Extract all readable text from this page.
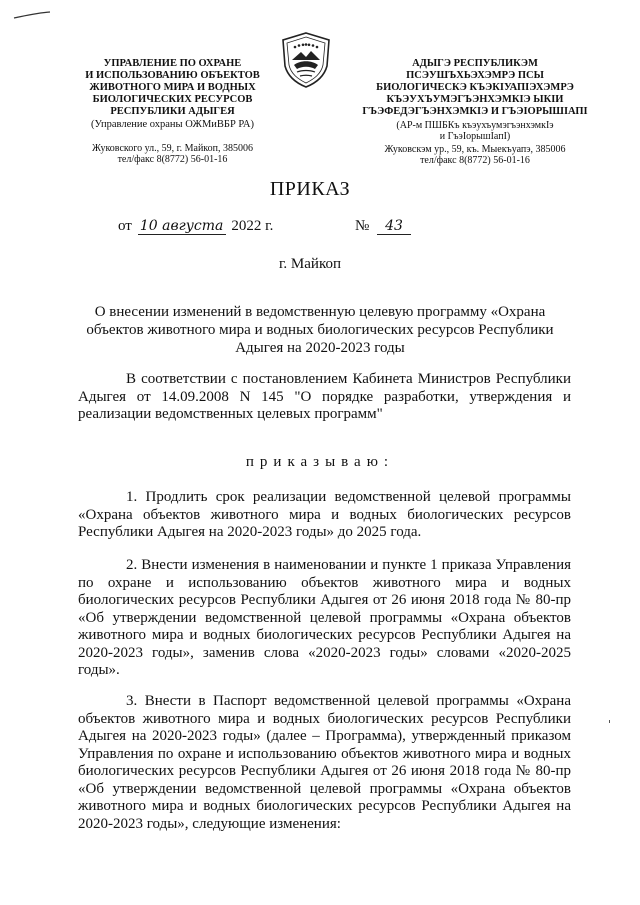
УПРАВЛЕНИЕ ПО ОХРАНЕ
И ИСПОЛЬЗОВАНИЮ ОБЪЕКТОВ
ЖИВОТНОГО МИРА И ВОДНЫХ
БИОЛОГИЧЕСКИХ РЕСУРСОВ
РЕСПУБЛИКИ АДЫГЕЯ
(Управление охраны ОЖМиВБР РА)
Жуковского ул., 59, г. Майкоп, 385006
тел/факс 8(8772) 56-01-16
АДЫГЭ РЕСПУБЛИКЭМ
ПСЭУШЪХЬЭХЭМРЭ ПСЫ
БИОЛОГИЧЕСКЭ КЪЭКIУАПIЭХЭМРЭ
КЪЭУХЪУМЭГЪЭНХЭМКIЭ ЫКIИ
ГЪЭФЕДЭГЪЭНХЭМКIЭ И ГЪЭIОРЫШIАПI
(АР-м ПШБКъ къэухъумэгъэнхэмкIэ
и ГъэIорышIапI)
Жуковскэм ур., 59, къ. Мыекъуапэ, 385006
тел/факс 8(8772) 56-01-16
ПРИКАЗ
от 10 августа 2022 г.	№ 43
г. Майкоп
О внесении изменений в ведомственную целевую программу «Охрана
объектов животного мира и водных биологических ресурсов Республики
Адыгея на 2020-2023 годы
В соответствии с постановлением Кабинета Министров Республики Адыгея от 14.09.2008 N 145 "О порядке разработки, утверждения и реализации ведомственных целевых программ"
приказываю:
1. Продлить срок реализации ведомственной целевой программы «Охрана объектов животного мира и водных биологических ресурсов Республики Адыгея на 2020-2023 годы» до 2025 года.
2. Внести изменения в наименовании и пункте 1 приказа Управления по охране и использованию объектов животного мира и водных биологических ресурсов Республики Адыгея от 26 июня 2018 года № 80-пр «Об утверждении ведомственной целевой программы «Охрана объектов животного мира и водных биологических ресурсов Республики Адыгея на 2020-2023 годы», заменив слова «2020-2023 годы» словами «2020-2025 годы».
3. Внести в Паспорт ведомственной целевой программы «Охрана объектов животного мира и водных биологических ресурсов Республики Адыгея на 2020-2023 годы» (далее – Программа), утвержденный приказом Управления по охране и использованию объектов животного мира и водных биологических ресурсов Республики Адыгея от 26 июня 2018 года № 80-пр «Об утверждении ведомственной целевой программы «Охрана объектов животного мира и водных биологических ресурсов Республики Адыгея на 2020-2023 годы», следующие изменения:
